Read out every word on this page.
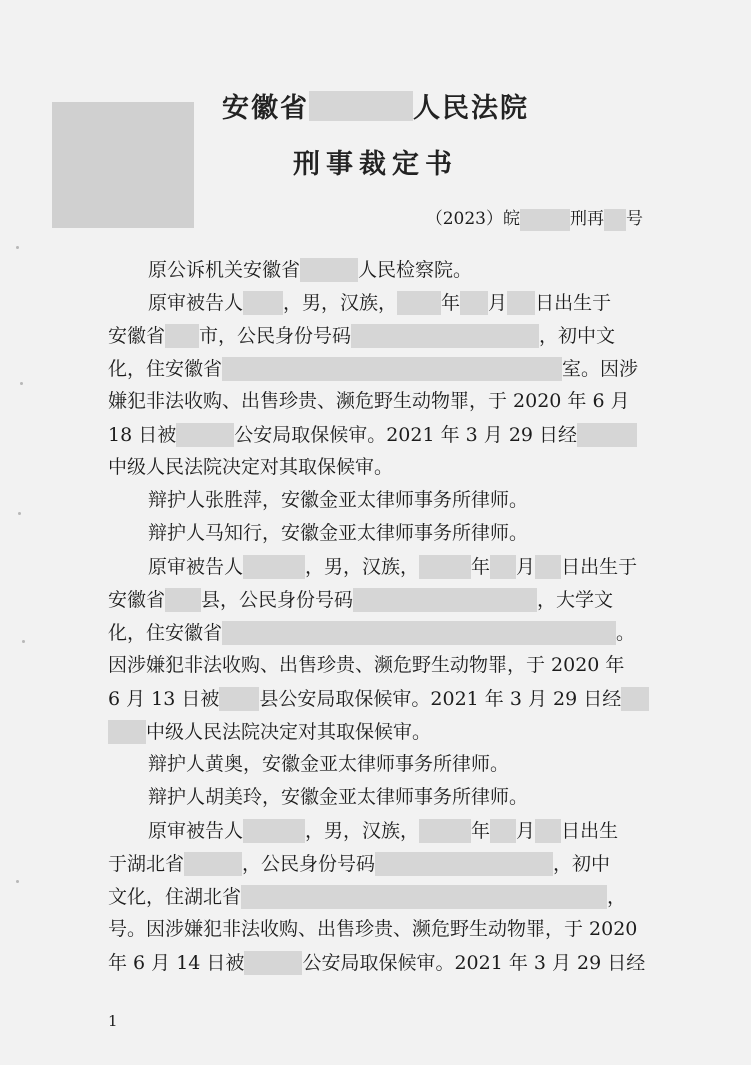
安徽省	人民法院
刑事裁定书
（2023）皖	刑再 号
原公诉机关安徽省	人民检察院。
原审被告人 ，男，汉族， 年 月 日出生于
安徽省 市，公民身份号码	，初中文
化，住安徽省	室。因涉
嫌犯非法收购、出售珍贵、濒危野生动物罪，于 2020 年 6 月
18 日被	公安局取保候审。2021 年 3 月 29 日经
中级人民法院决定对其取保候审。
辩护人张胜萍，安徽金亚太律师事务所律师。
辩护人马知行，安徽金亚太律师事务所律师。
原审被告人	，男，汉族，	年 月 日出生于
安徽省 县，公民身份号码	，大学文
化，住安徽省	。
因涉嫌犯非法收购、出售珍贵、濒危野生动物罪，于 2020 年
6 月 13 日被 县公安局取保候审。2021 年 3 月 29 日经
中级人民法院决定对其取保候审。
辩护人黄奥，安徽金亚太律师事务所律师。
辩护人胡美玲，安徽金亚太律师事务所律师。
原审被告人	，男，汉族，	年 月 日出生
于湖北省	，公民身份号码	，初中
文化，住湖北省	，
号。因涉嫌犯非法收购、出售珍贵、濒危野生动物罪，于 2020
年 6 月 14 日被	公安局取保候审。2021 年 3 月 29 日经
1
